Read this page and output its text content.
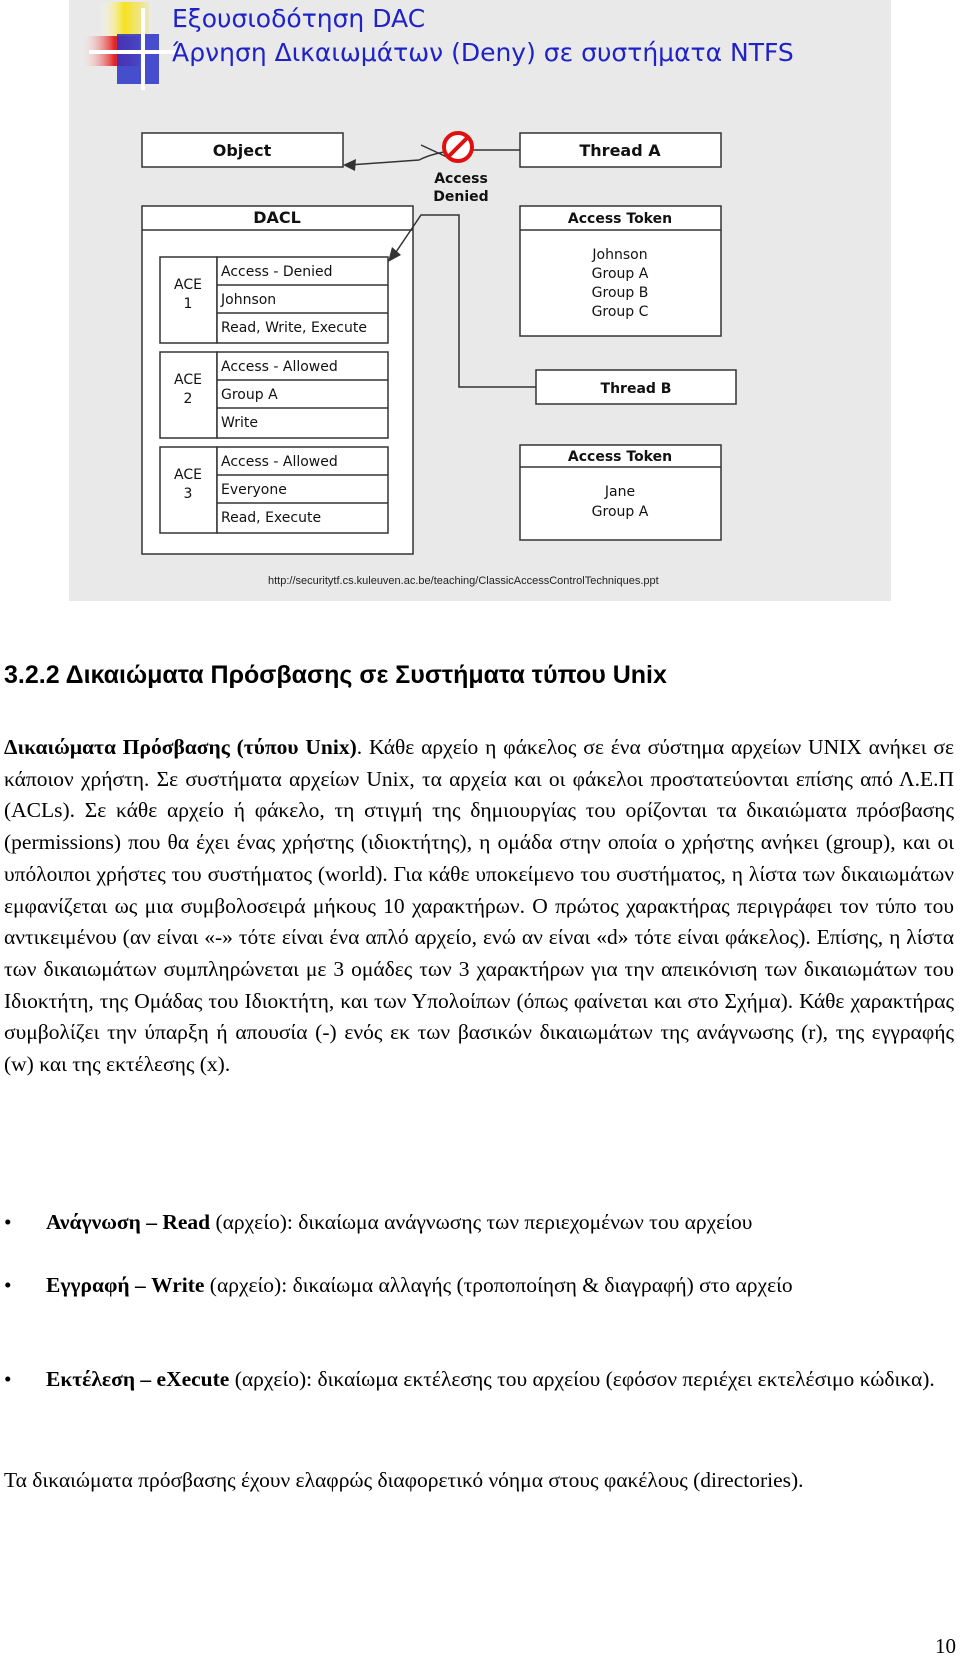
Εξουσιοδότηση DAC
Άρνηση Δικαιωμάτων (Deny) σε συστήματα NTFS
Object
DACL
Thread A
Access Token
Thread B
Access Token
Access
Denied
Johnson
Group A
Group B
Group C
Jane
Group A
ACE
1
ACE
2
ACE
3
Access - Denied
Johnson
Read, Write, Execute
Access - Allowed
Group A
Write
Access - Allowed
Everyone
Read, Execute
http://securitytf.cs.kuleuven.ac.be/teaching/ClassicAccessControlTechniques.ppt
3.2.2 Δικαιώματα Πρόσβασης σε Συστήματα τύπου Unix
Δικαιώματα Πρόσβασης (τύπου Unix). Κάθε αρχείο η φάκελος σε ένα σύστημα αρχείων UNIX ανήκει σε κάποιον χρήστη. Σε συστήματα αρχείων Unix, τα αρχεία και οι φάκελοι προστατεύονται επίσης από Λ.Ε.Π (ACLs). Σε κάθε αρχείο ή φάκελο, τη στιγμή της δημιουργίας του ορίζονται τα δικαιώματα πρόσβασης (permissions) που θα έχει ένας χρήστης (ιδιοκτήτης), η ομάδα στην οποία ο χρήστης ανήκει (group), και οι υπόλοιποι χρήστες του συστήματος (world). Για κάθε υποκείμενο του συστήματος, η λίστα των δικαιωμάτων εμφανίζεται ως μια συμβολοσειρά μήκους 10 χαρακτήρων. Ο πρώτος χαρακτήρας περιγράφει τον τύπο του αντικειμένου (αν είναι «-» τότε είναι ένα απλό αρχείο, ενώ αν είναι «d» τότε είναι φάκελος). Επίσης, η λίστα των δικαιωμάτων συμπληρώνεται με 3 ομάδες των 3 χαρακτήρων για την απεικόνιση των δικαιωμάτων του Ιδιοκτήτη, της Ομάδας του Ιδιοκτήτη, και των Υπολοίπων (όπως φαίνεται και στο Σχήμα). Κάθε χαρακτήρας συμβολίζει την ύπαρξη ή απουσία (-) ενός εκ των βασικών δικαιωμάτων της ανάγνωσης (r), της εγγραφής (w) και της εκτέλεσης (x).
• Ανάγνωση – Read (αρχείο): δικαίωμα ανάγνωσης των περιεχομένων του αρχείου
• Εγγραφή – Write (αρχείο): δικαίωμα αλλαγής (τροποποίηση & διαγραφή) στο αρχείο
• Εκτέλεση – eXecute (αρχείο): δικαίωμα εκτέλεσης του αρχείου (εφόσον περιέχει εκτελέσιμο κώδικα).
Τα δικαιώματα πρόσβασης έχουν ελαφρώς διαφορετικό νόημα στους φακέλους (directories).
10
